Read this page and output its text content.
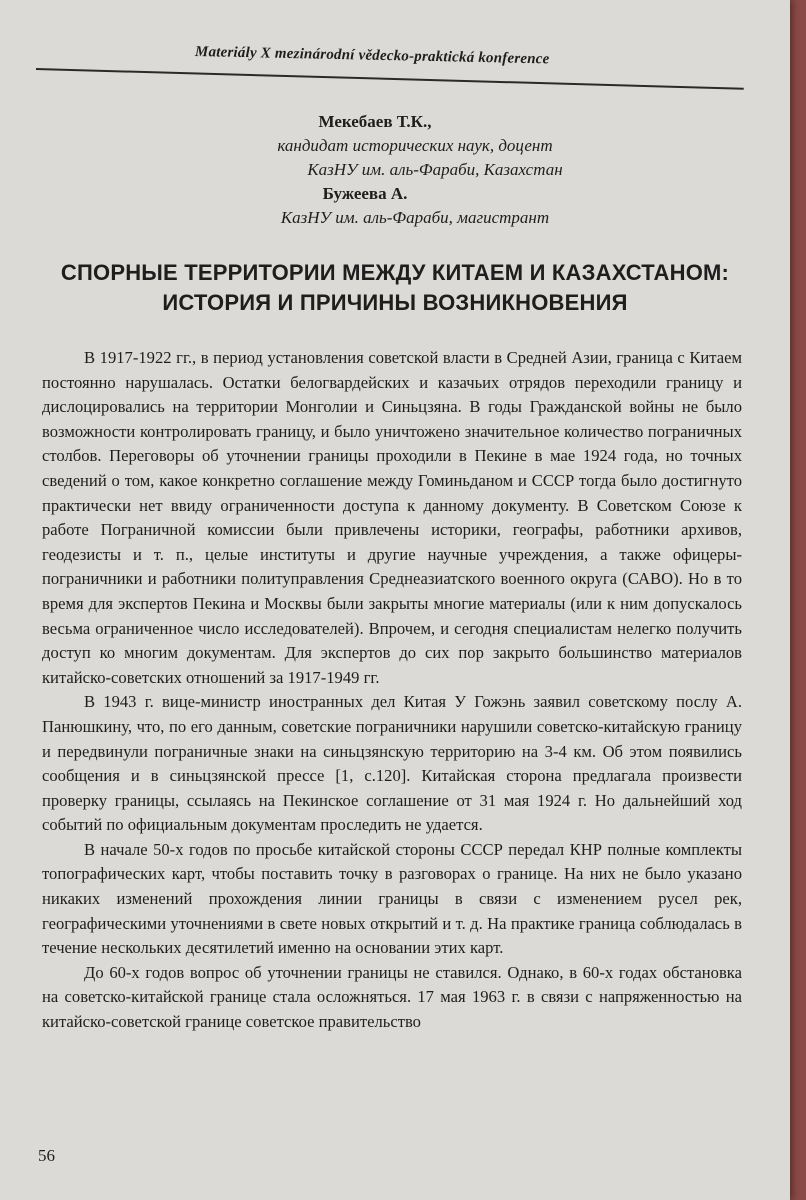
Materiály X mezinárodní vědecko-praktická konference
Мекебаев Т.К.,
кандидат исторических наук, доцент
КазНУ им. аль-Фараби, Казахстан
Бужеева А.
КазНУ им. аль-Фараби, магистрант
СПОРНЫЕ ТЕРРИТОРИИ МЕЖДУ КИТАЕМ И КАЗАХСТАНОМ:
ИСТОРИЯ И ПРИЧИНЫ ВОЗНИКНОВЕНИЯ

В 1917-1922 гг., в период установления советской власти в Средней Азии, граница с Китаем постоянно нарушалась. Остатки белогвардейских и казачьих отрядов переходили границу и дислоцировались на территории Монголии и Синьцзяна. В годы Гражданской войны не было возможности контролировать границу, и было уничтожено значительное количество пограничных столбов. Переговоры об уточнении границы проходили в Пекине в мае 1924 года, но точных сведений о том, какое конкретно соглашение между Гоминьданом и СССР тогда было достигнуто практически нет ввиду ограниченности доступа к данному документу. В Советском Союзе к работе Пограничной комиссии были привлечены историки, географы, работники архивов, геодезисты и т. п., целые институты и другие научные учреждения, а также офицеры-пограничники и работники политуправления Среднеазиатского военного округа (САВО). Но в то время для экспертов Пекина и Москвы были закрыты многие материалы (или к ним допускалось весьма ограниченное число исследователей). Впрочем, и сегодня специалистам нелегко получить доступ ко многим документам. Для экспертов до сих пор закрыто большинство материалов китайско-советских отношений за 1917-1949 гг.

В 1943 г. вице-министр иностранных дел Китая У Гожэнь заявил советскому послу А. Панюшкину, что, по его данным, советские пограничники нарушили советско-китайскую границу и передвинули пограничные знаки на синьцзянскую территорию на 3-4 км. Об этом появились сообщения и в синьцзянской прессе [1, с.120]. Китайская сторона предлагала произвести проверку границы, ссылаясь на Пекинское соглашение от 31 мая 1924 г. Но дальнейший ход событий по официальным документам проследить не удается.

В начале 50-х годов по просьбе китайской стороны СССР передал КНР полные комплекты топографических карт, чтобы поставить точку в разговорах о границе. На них не было указано никаких изменений прохождения линии границы в связи с изменением русел рек, географическими уточнениями в свете новых открытий и т. д. На практике граница соблюдалась в течение нескольких десятилетий именно на основании этих карт.

До 60-х годов вопрос об уточнении границы не ставился. Однако, в 60-х годах обстановка на советско-китайской границе стала осложняться. 17 мая 1963 г. в связи с напряженностью на китайско-советской границе советское правительство

56
